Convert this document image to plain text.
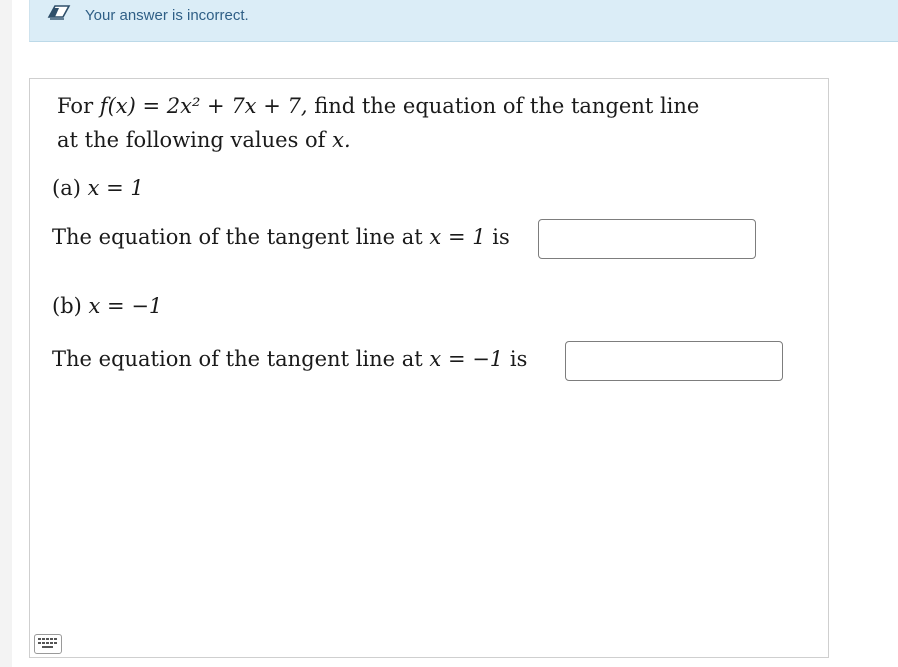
Your answer is incorrect.
For f(x) = 2x² + 7x + 7, find the equation of the tangent line
at the following values of x.
(a) x = 1
The equation of the tangent line at x = 1 is
(b) x = −1
The equation of the tangent line at x = −1 is
